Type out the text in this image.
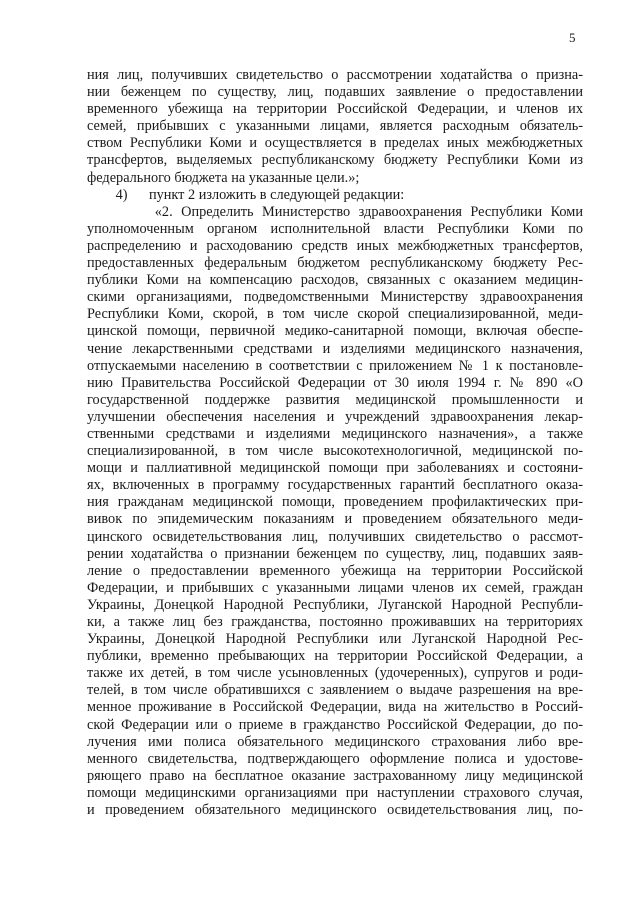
5
ния лиц, получивших свидетельство о рассмотрении ходатайства о призна-
нии беженцем по существу, лиц, подавших заявление о предоставлении
временного убежища на территории Российской Федерации, и членов их
семей, прибывших с указанными лицами, является расходным обязатель-
ством Республики Коми и осуществляется в пределах иных межбюджетных
трансфертов, выделяемых республиканскому бюджету Республики Коми из
федерального бюджета на указанные цели.»;
4)      пункт 2 изложить в следующей редакции:
«2. Определить Министерство здравоохранения Республики Коми
уполномоченным органом исполнительной власти Республики Коми по
распределению и расходованию средств иных межбюджетных трансфертов,
предоставленных федеральным бюджетом республиканскому бюджету Рес-
публики Коми на компенсацию расходов, связанных с оказанием медицин-
скими организациями, подведомственными Министерству здравоохранения
Республики Коми, скорой, в том числе скорой специализированной, меди-
цинской помощи, первичной медико-санитарной помощи, включая обеспе-
чение лекарственными средствами и изделиями медицинского назначения,
отпускаемыми населению в соответствии с приложением № 1 к постановле-
нию Правительства Российской Федерации от 30 июля 1994 г. № 890 «О
государственной поддержке развития медицинской промышленности и
улучшении обеспечения населения и учреждений здравоохранения лекар-
ственными средствами и изделиями медицинского назначения», а также
специализированной, в том числе высокотехнологичной, медицинской по-
мощи и паллиативной медицинской помощи при заболеваниях и состояни-
ях, включенных в программу государственных гарантий бесплатного оказа-
ния гражданам медицинской помощи, проведением профилактических при-
вивок по эпидемическим показаниям и проведением обязательного меди-
цинского освидетельствования лиц, получивших свидетельство о рассмот-
рении ходатайства о признании беженцем по существу, лиц, подавших заяв-
ление о предоставлении временного убежища на территории Российской
Федерации, и прибывших с указанными лицами членов их семей, граждан
Украины, Донецкой Народной Республики, Луганской Народной Республи-
ки, а также лиц без гражданства, постоянно проживавших на территориях
Украины, Донецкой Народной Республики или Луганской Народной Рес-
публики, временно пребывающих на территории Российской Федерации, а
также их детей, в том числе усыновленных (удочеренных), супругов и роди-
телей, в том числе обратившихся с заявлением о выдаче разрешения на вре-
менное проживание в Российской Федерации, вида на жительство в Россий-
ской Федерации или о приеме в гражданство Российской Федерации, до по-
лучения ими полиса обязательного медицинского страхования либо вре-
менного свидетельства, подтверждающего оформление полиса и удостове-
ряющего право на бесплатное оказание застрахованному лицу медицинской
помощи медицинскими организациями при наступлении страхового случая,
и проведением обязательного медицинского освидетельствования лиц, по-
